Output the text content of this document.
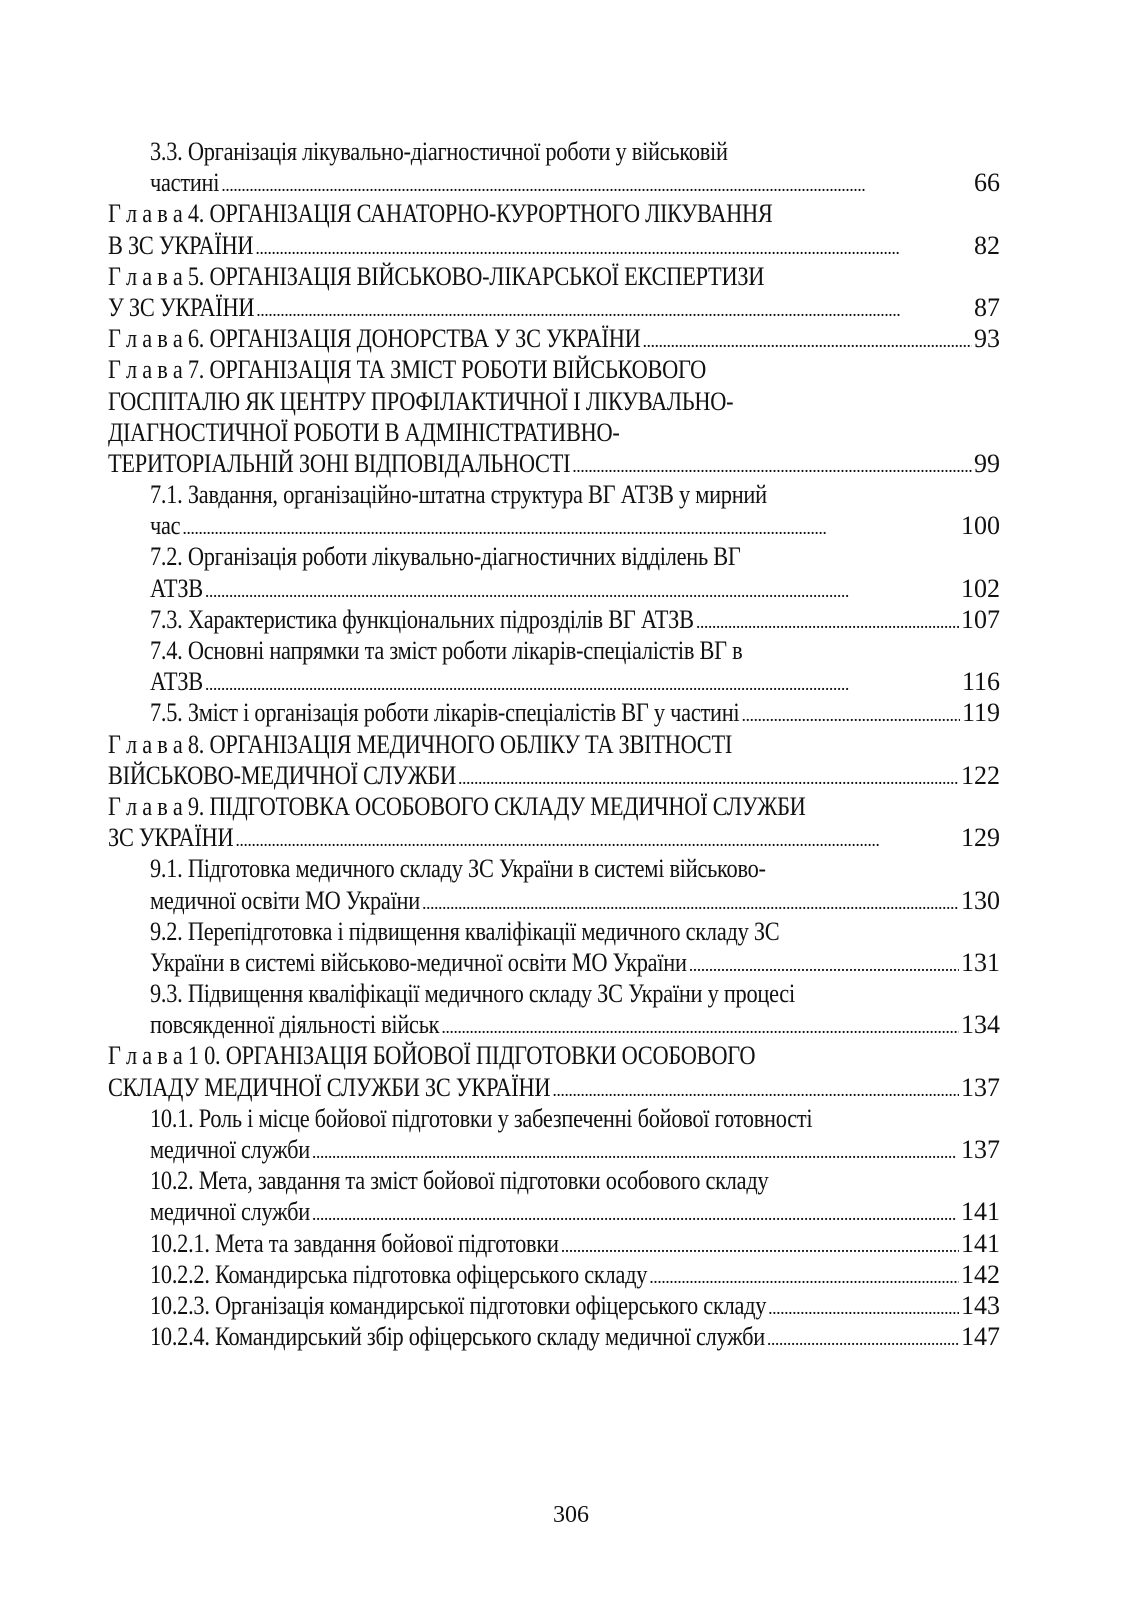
3.3. Організація лікувально-діагностичної роботи у військовій
частині . . .	66
Г л а в а 4. ОРГАНІЗАЦІЯ САНАТОРНО-КУРОРТНОГО ЛІКУВАННЯ
В ЗС УКРАЇНИ . . .	82
Г л а в а 5. ОРГАНІЗАЦІЯ ВІЙСЬКОВО-ЛІКАРСЬКОЇ ЕКСПЕРТИЗИ
У ЗС УКРАЇНИ . . .	87
Г л а в а 6. ОРГАНІЗАЦІЯ ДОНОРСТВА У ЗС УКРАЇНИ . . .	93
Г л а в а 7. ОРГАНІЗАЦІЯ ТА ЗМІСТ РОБОТИ ВІЙСЬКОВОГО
ГОСПІТАЛЮ ЯК ЦЕНТРУ ПРОФІЛАКТИЧНОЇ І ЛІКУВАЛЬНО-
ДІАГНОСТИЧНОЇ РОБОТИ В АДМІНІСТРАТИВНО-
ТЕРИТОРІАЛЬНІЙ ЗОНІ ВІДПОВІДАЛЬНОСТІ . . .	99
7.1. Завдання, організаційно-штатна структура ВГ АТЗВ у мирний
час . . .	100
7.2. Організація роботи лікувально-діагностичних відділень ВГ
АТЗВ . . .	102
7.3. Характеристика функціональних підрозділів ВГ АТЗВ . . .	107
7.4. Основні напрямки та зміст роботи лікарів-спеціалістів ВГ в
АТЗВ . . .	116
7.5. Зміст і організація роботи лікарів-спеціалістів ВГ у частині . . .	119
Г л а в а 8. ОРГАНІЗАЦІЯ МЕДИЧНОГО ОБЛІКУ ТА ЗВІТНОСТІ
ВІЙСЬКОВО-МЕДИЧНОЇ СЛУЖБИ . . .	122
Г л а в а 9. ПІДГОТОВКА ОСОБОВОГО СКЛАДУ МЕДИЧНОЇ СЛУЖБИ
ЗС УКРАЇНИ . . .	129
9.1. Підготовка медичного складу ЗС України в системі військово-
медичної освіти МО України . . .	130
9.2. Перепідготовка і підвищення кваліфікації медичного складу ЗС
України в системі військово-медичної освіти МО України . . .	131
9.3. Підвищення кваліфікації медичного складу ЗС України у процесі
повсякденної діяльності військ . . .	134
Г л а в а 1 0. ОРГАНІЗАЦІЯ БОЙОВОЇ ПІДГОТОВКИ ОСОБОВОГО
СКЛАДУ МЕДИЧНОЇ СЛУЖБИ ЗС УКРАЇНИ . . .	137
10.1. Роль і місце бойової підготовки у забезпеченні бойової готовності
медичної служби . . .	137
10.2. Мета, завдання та зміст бойової підготовки особового складу
медичної служби . . .	141
10.2.1. Мета та завдання бойової підготовки . . .	141
10.2.2. Командирська підготовка офіцерського складу . . .	142
10.2.3. Організація командирської підготовки офіцерського складу . . .	143
10.2.4. Командирський збір офіцерського складу медичної служби . . .	147
306
